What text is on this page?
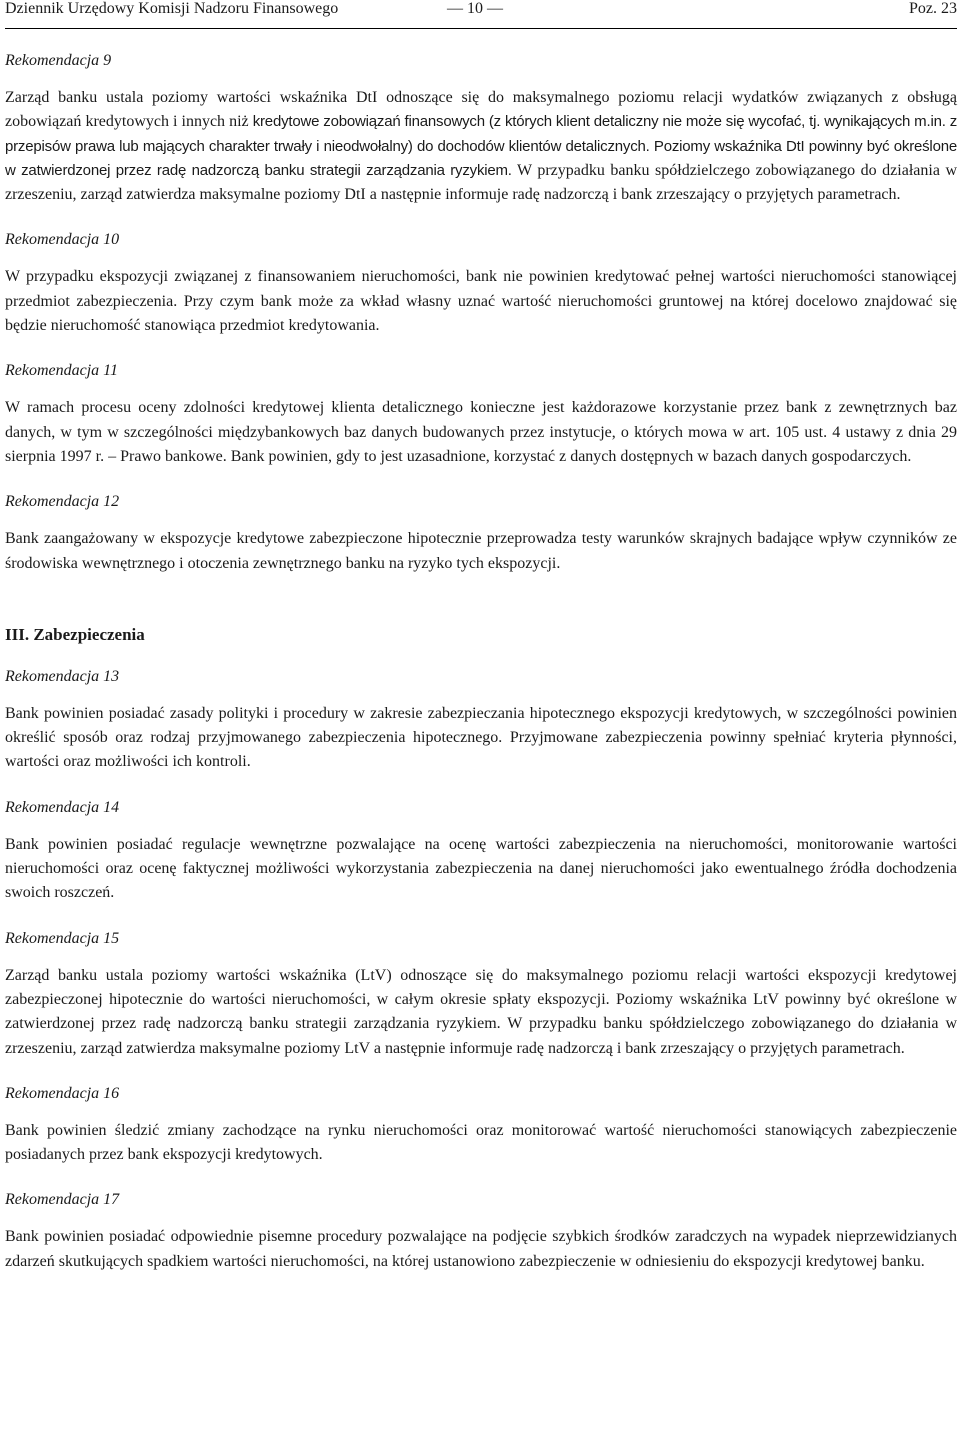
Dziennik Urzędowy Komisji Nadzoru Finansowego	— 10 —	Poz. 23
Rekomendacja 9

Zarząd banku ustala poziomy wartości wskaźnika DtI odnoszące się do maksymalnego poziomu relacji wydatków związanych z obsługą zobowiązań kredytowych i innych niż kredytowe zobowiązań finansowych (z których klient detaliczny nie może się wycofać, tj. wynikających m.in. z przepisów prawa lub mających charakter trwały i nieodwołalny) do dochodów klientów detalicznych. Poziomy wskaźnika DtI powinny być określone w zatwierdzonej przez radę nadzorczą banku strategii zarządzania ryzykiem. W przypadku banku spółdzielczego zobowiązanego do działania w zrzeszeniu, zarząd zatwierdza maksymalne poziomy DtI a następnie informuje radę nadzorczą i bank zrzeszający o przyjętych parametrach.

Rekomendacja 10

W przypadku ekspozycji związanej z finansowaniem nieruchomości, bank nie powinien kredytować pełnej wartości nieruchomości stanowiącej przedmiot zabezpieczenia. Przy czym bank może za wkład własny uznać wartość nieruchomości gruntowej na której docelowo znajdować się będzie nieruchomość stanowiąca przedmiot kredytowania.

Rekomendacja 11

W ramach procesu oceny zdolności kredytowej klienta detalicznego konieczne jest każdorazowe korzystanie przez bank z zewnętrznych baz danych, w tym w szczególności międzybankowych baz danych budowanych przez instytucje, o których mowa w art. 105 ust. 4 ustawy z dnia 29 sierpnia 1997 r. – Prawo bankowe. Bank powinien, gdy to jest uzasadnione, korzystać z danych dostępnych w bazach danych gospodarczych.

Rekomendacja 12

Bank zaangażowany w ekspozycje kredytowe zabezpieczone hipotecznie przeprowadza testy warunków skrajnych badające wpływ czynników ze środowiska wewnętrznego i otoczenia zewnętrznego banku na ryzyko tych ekspozycji.

III. Zabezpieczenia
Rekomendacja 13

Bank powinien posiadać zasady polityki i procedury w zakresie zabezpieczania hipotecznego ekspozycji kredytowych, w szczególności powinien określić sposób oraz rodzaj przyjmowanego zabezpieczenia hipotecznego. Przyjmowane zabezpieczenia powinny spełniać kryteria płynności, wartości oraz możliwości ich kontroli.

Rekomendacja 14

Bank powinien posiadać regulacje wewnętrzne pozwalające na ocenę wartości zabezpieczenia na nieruchomości, monitorowanie wartości nieruchomości oraz ocenę faktycznej możliwości wykorzystania zabezpieczenia na danej nieruchomości jako ewentualnego źródła dochodzenia swoich roszczeń.

Rekomendacja 15

Zarząd banku ustala poziomy wartości wskaźnika (LtV) odnoszące się do maksymalnego poziomu relacji wartości ekspozycji kredytowej zabezpieczonej hipotecznie do wartości nieruchomości, w całym okresie spłaty ekspozycji. Poziomy wskaźnika LtV powinny być określone w zatwierdzonej przez radę nadzorczą banku strategii zarządzania ryzykiem. W przypadku banku spółdzielczego zobowiązanego do działania w zrzeszeniu, zarząd zatwierdza maksymalne poziomy LtV a następnie informuje radę nadzorczą i bank zrzeszający o przyjętych parametrach.

Rekomendacja 16

Bank powinien śledzić zmiany zachodzące na rynku nieruchomości oraz monitorować wartość nieruchomości stanowiących zabezpieczenie posiadanych przez bank ekspozycji kredytowych.

Rekomendacja 17

Bank powinien posiadać odpowiednie pisemne procedury pozwalające na podjęcie szybkich środków zaradczych na wypadek nieprzewidzianych zdarzeń skutkujących spadkiem wartości nieruchomości, na której ustanowiono zabezpieczenie w odniesieniu do ekspozycji kredytowej banku.
